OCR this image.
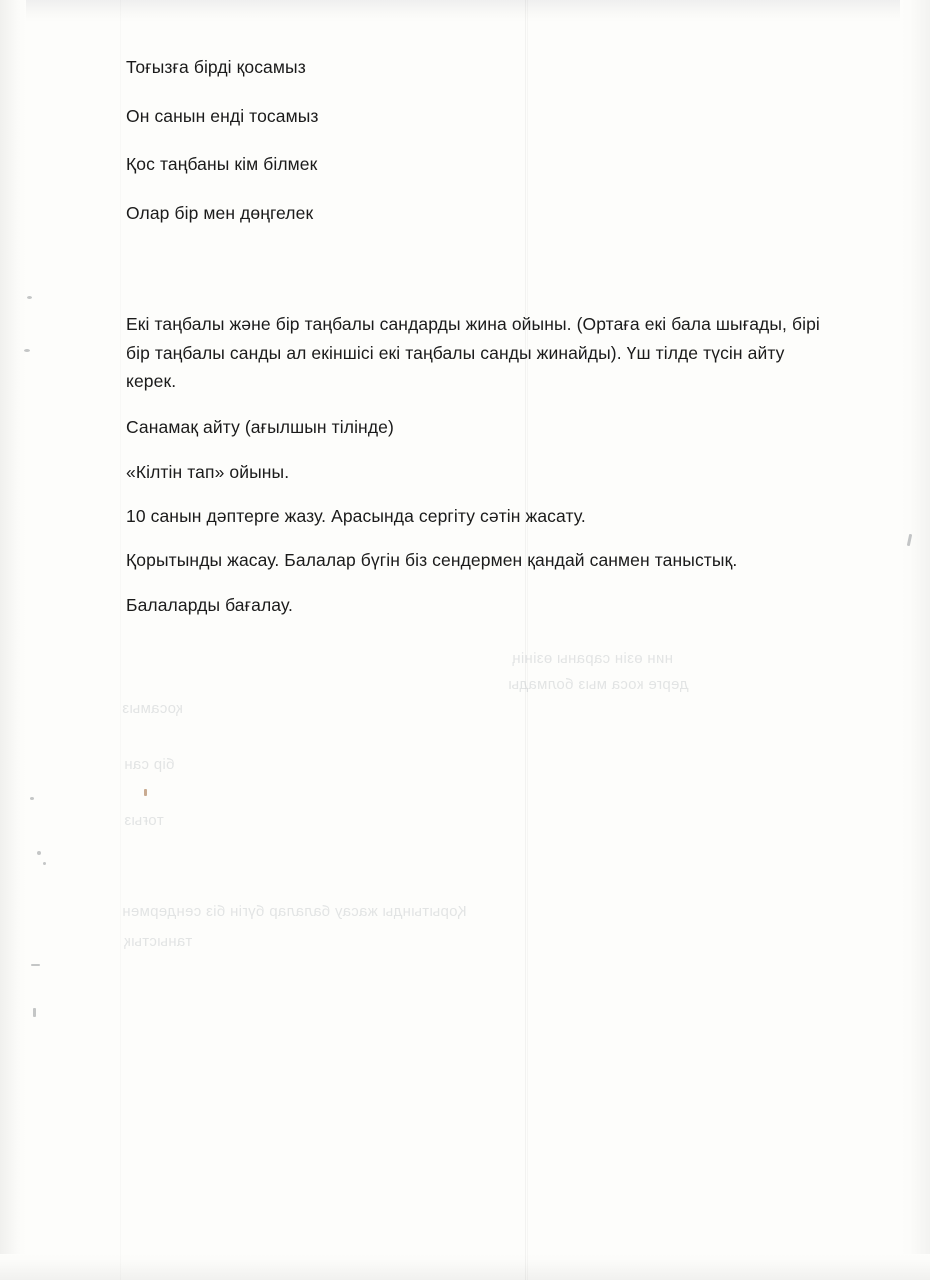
нин өзін сараны өзінің
дерге коса мыз болмады
қосамыз
бір сан
тоғыз
Қорытынды жасау балалар бүгін біз сендермен
таныстық

Тоғызға бірді қосамыз

Он санын енді тосамыз

Қос таңбаны кім білмек

Олар бір мен дөңгелек

Екі таңбалы және бір таңбалы сандарды жина ойыны. (Ортаға екі бала шығады, бірі бір таңбалы санды ал екіншісі екі таңбалы санды жинайды). Үш тілде түсін айту керек.

Санамақ айту (ағылшын тілінде)

«Кілтін тап» ойыны.

10 санын дәптерге жазу. Арасында сергіту сәтін жасату.

Қорытынды жасау. Балалар бүгін біз сендермен қандай санмен таныстық.

Балаларды бағалау.
